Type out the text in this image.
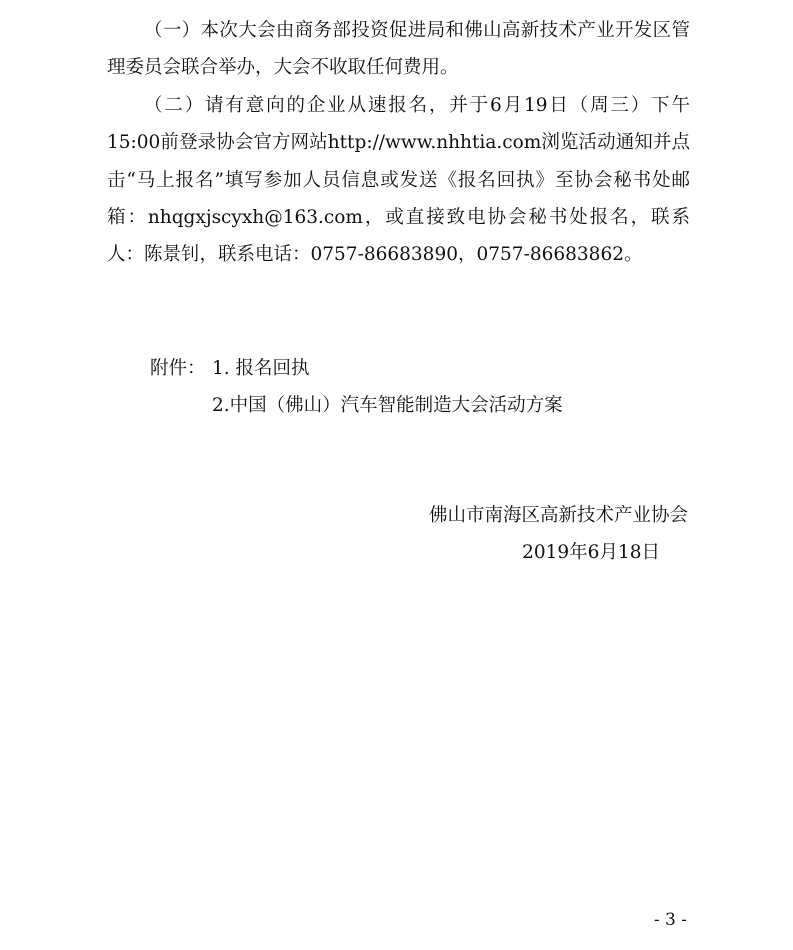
（一）本次大会由商务部投资促进局和佛山高新技术产业开发区管理委员会联合举办，大会不收取任何费用。

（二）请有意向的企业从速报名，并于6月19日（周三）下午15:00前登录协会官方网站http://www.nhhtia.com浏览活动通知并点击“马上报名”填写参加人员信息或发送《报名回执》至协会秘书处邮箱：nhqgxjscyxh@163.com，或直接致电协会秘书处报名，联系人：陈景钊，联系电话：0757-86683890，0757-86683862。

附件： 1. 报名回执
2.中国（佛山）汽车智能制造大会活动方案
佛山市南海区高新技术产业协会
2019年6月18日
- 3 -
